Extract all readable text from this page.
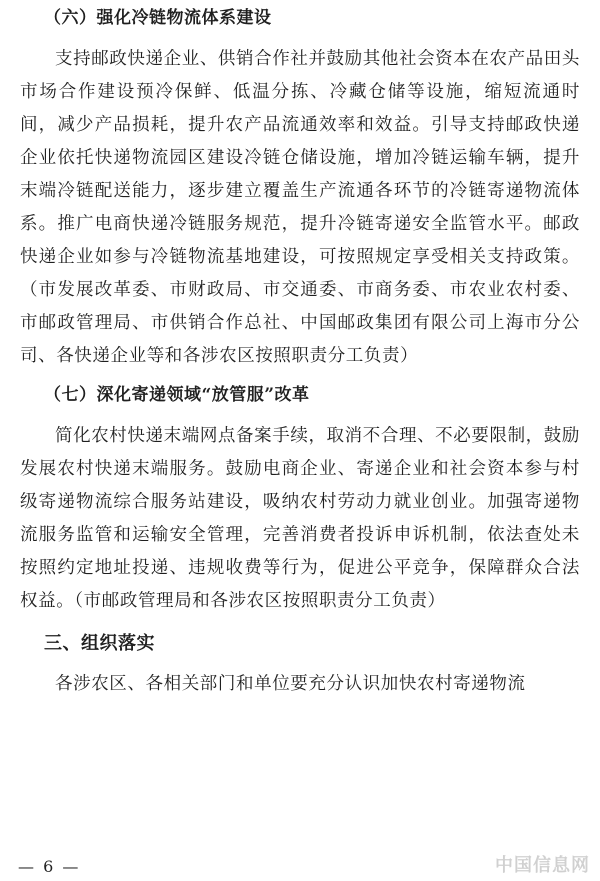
（六）强化冷链物流体系建设

支持邮政快递企业、供销合作社并鼓励其他社会资本在农产品田头市场合作建设预冷保鲜、低温分拣、冷藏仓储等设施，缩短流通时间，减少产品损耗，提升农产品流通效率和效益。引导支持邮政快递企业依托快递物流园区建设冷链仓储设施，增加冷链运输车辆，提升末端冷链配送能力，逐步建立覆盖生产流通各环节的冷链寄递物流体系。推广电商快递冷链服务规范，提升冷链寄递安全监管水平。邮政快递企业如参与冷链物流基地建设，可按照规定享受相关支持政策。（市发展改革委、市财政局、市交通委、市商务委、市农业农村委、市邮政管理局、市供销合作总社、中国邮政集团有限公司上海市分公司、各快递企业等和各涉农区按照职责分工负责）

（七）深化寄递领域“放管服”改革

简化农村快递末端网点备案手续，取消不合理、不必要限制，鼓励发展农村快递末端服务。鼓励电商企业、寄递企业和社会资本参与村级寄递物流综合服务站建设，吸纳农村劳动力就业创业。加强寄递物流服务监管和运输安全管理，完善消费者投诉申诉机制，依法查处未按照约定地址投递、违规收费等行为，促进公平竞争，保障群众合法权益。（市邮政管理局和各涉农区按照职责分工负责）

三、组织落实

各涉农区、各相关部门和单位要充分认识加快农村寄递物流

— 6 —	中国信息网
